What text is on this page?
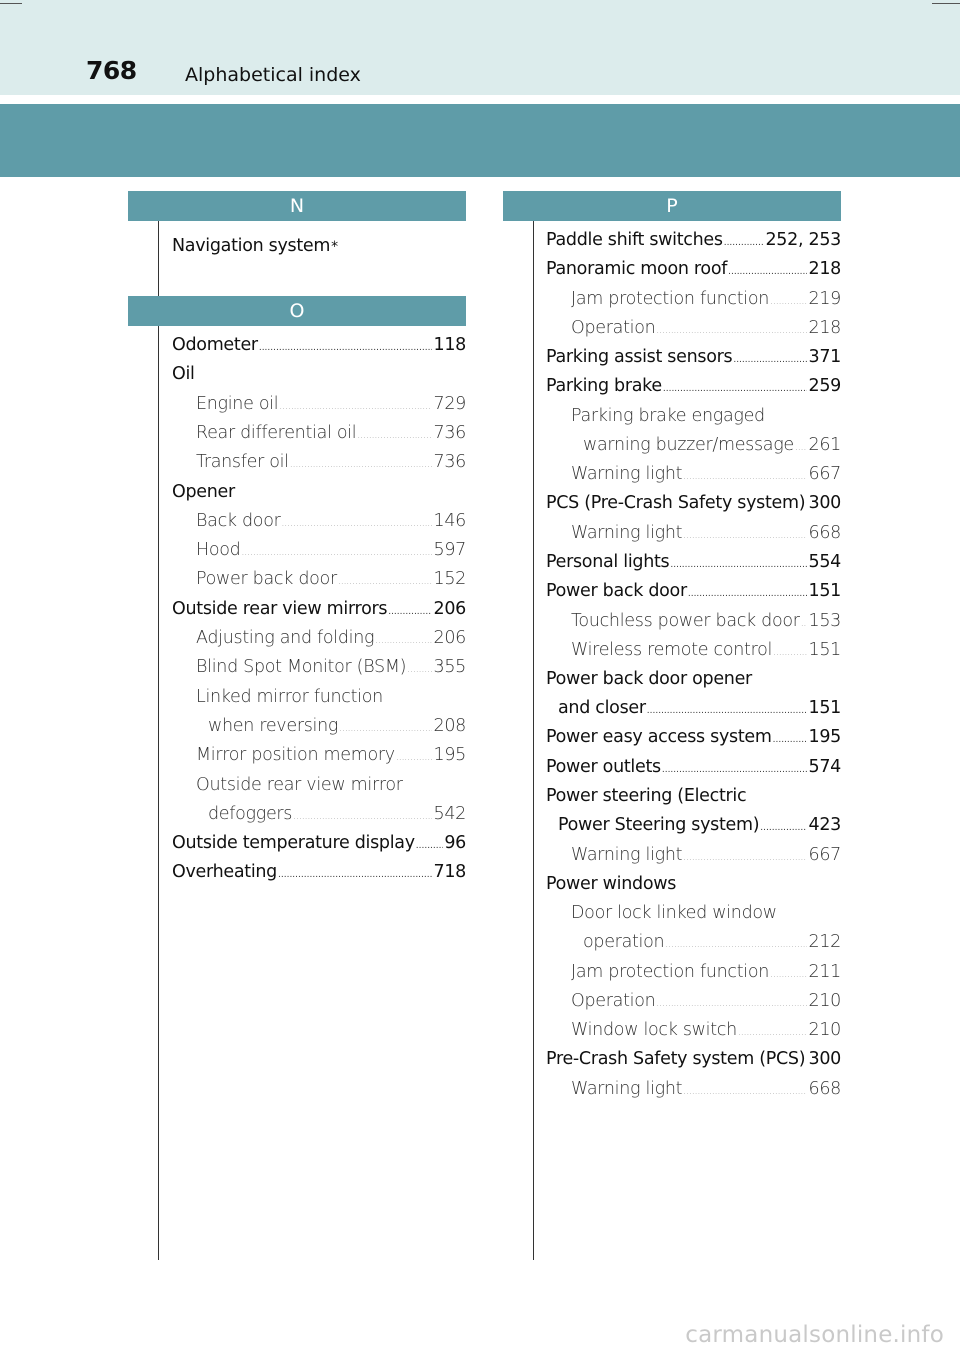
768	Alphabetical index
N
Navigation system *
O
Odometer .....	118
Oil
Engine oil .....	729
Rear differential oil .....	736
Transfer oil .....	736
Opener
Back door .....	146
Hood .....	597
Power back door .....	152
Outside rear view mirrors .....	206
Adjusting and folding .....	206
Blind Spot Monitor (BSM) ..... 355
Linked mirror function
when reversing .....	208
Mirror position memory ..... 195
Outside rear view mirror
defoggers .....	542
Outside temperature display ..... 96
Overheating .....	718
P
Paddle shift switches ..... 252, 253
Panoramic moon roof .....	218
Jam protection function ..... 219
Operation .....	218
Parking assist sensors .....	371
Parking brake .....	259
Parking brake engaged
warning buzzer/message ..... 261
Warning light .....	667
PCS (Pre-Crash Safety system) ..... 300
Warning light .....	668
Personal lights .....	554
Power back door .....	151
Touchless power back door ..... 153
Wireless remote control ..... 151
Power back door opener
and closer .....	151
Power easy access system ..... 195
Power outlets .....	574
Power steering (Electric
Power Steering system) .....	423
Warning light .....	667
Power windows
Door lock linked window
operation .....	212
Jam protection function ..... 211
Operation .....	210
Window lock switch .....	210
Pre-Crash Safety system (PCS) ..... 300
Warning light .....	668
carmanualsonline.info
